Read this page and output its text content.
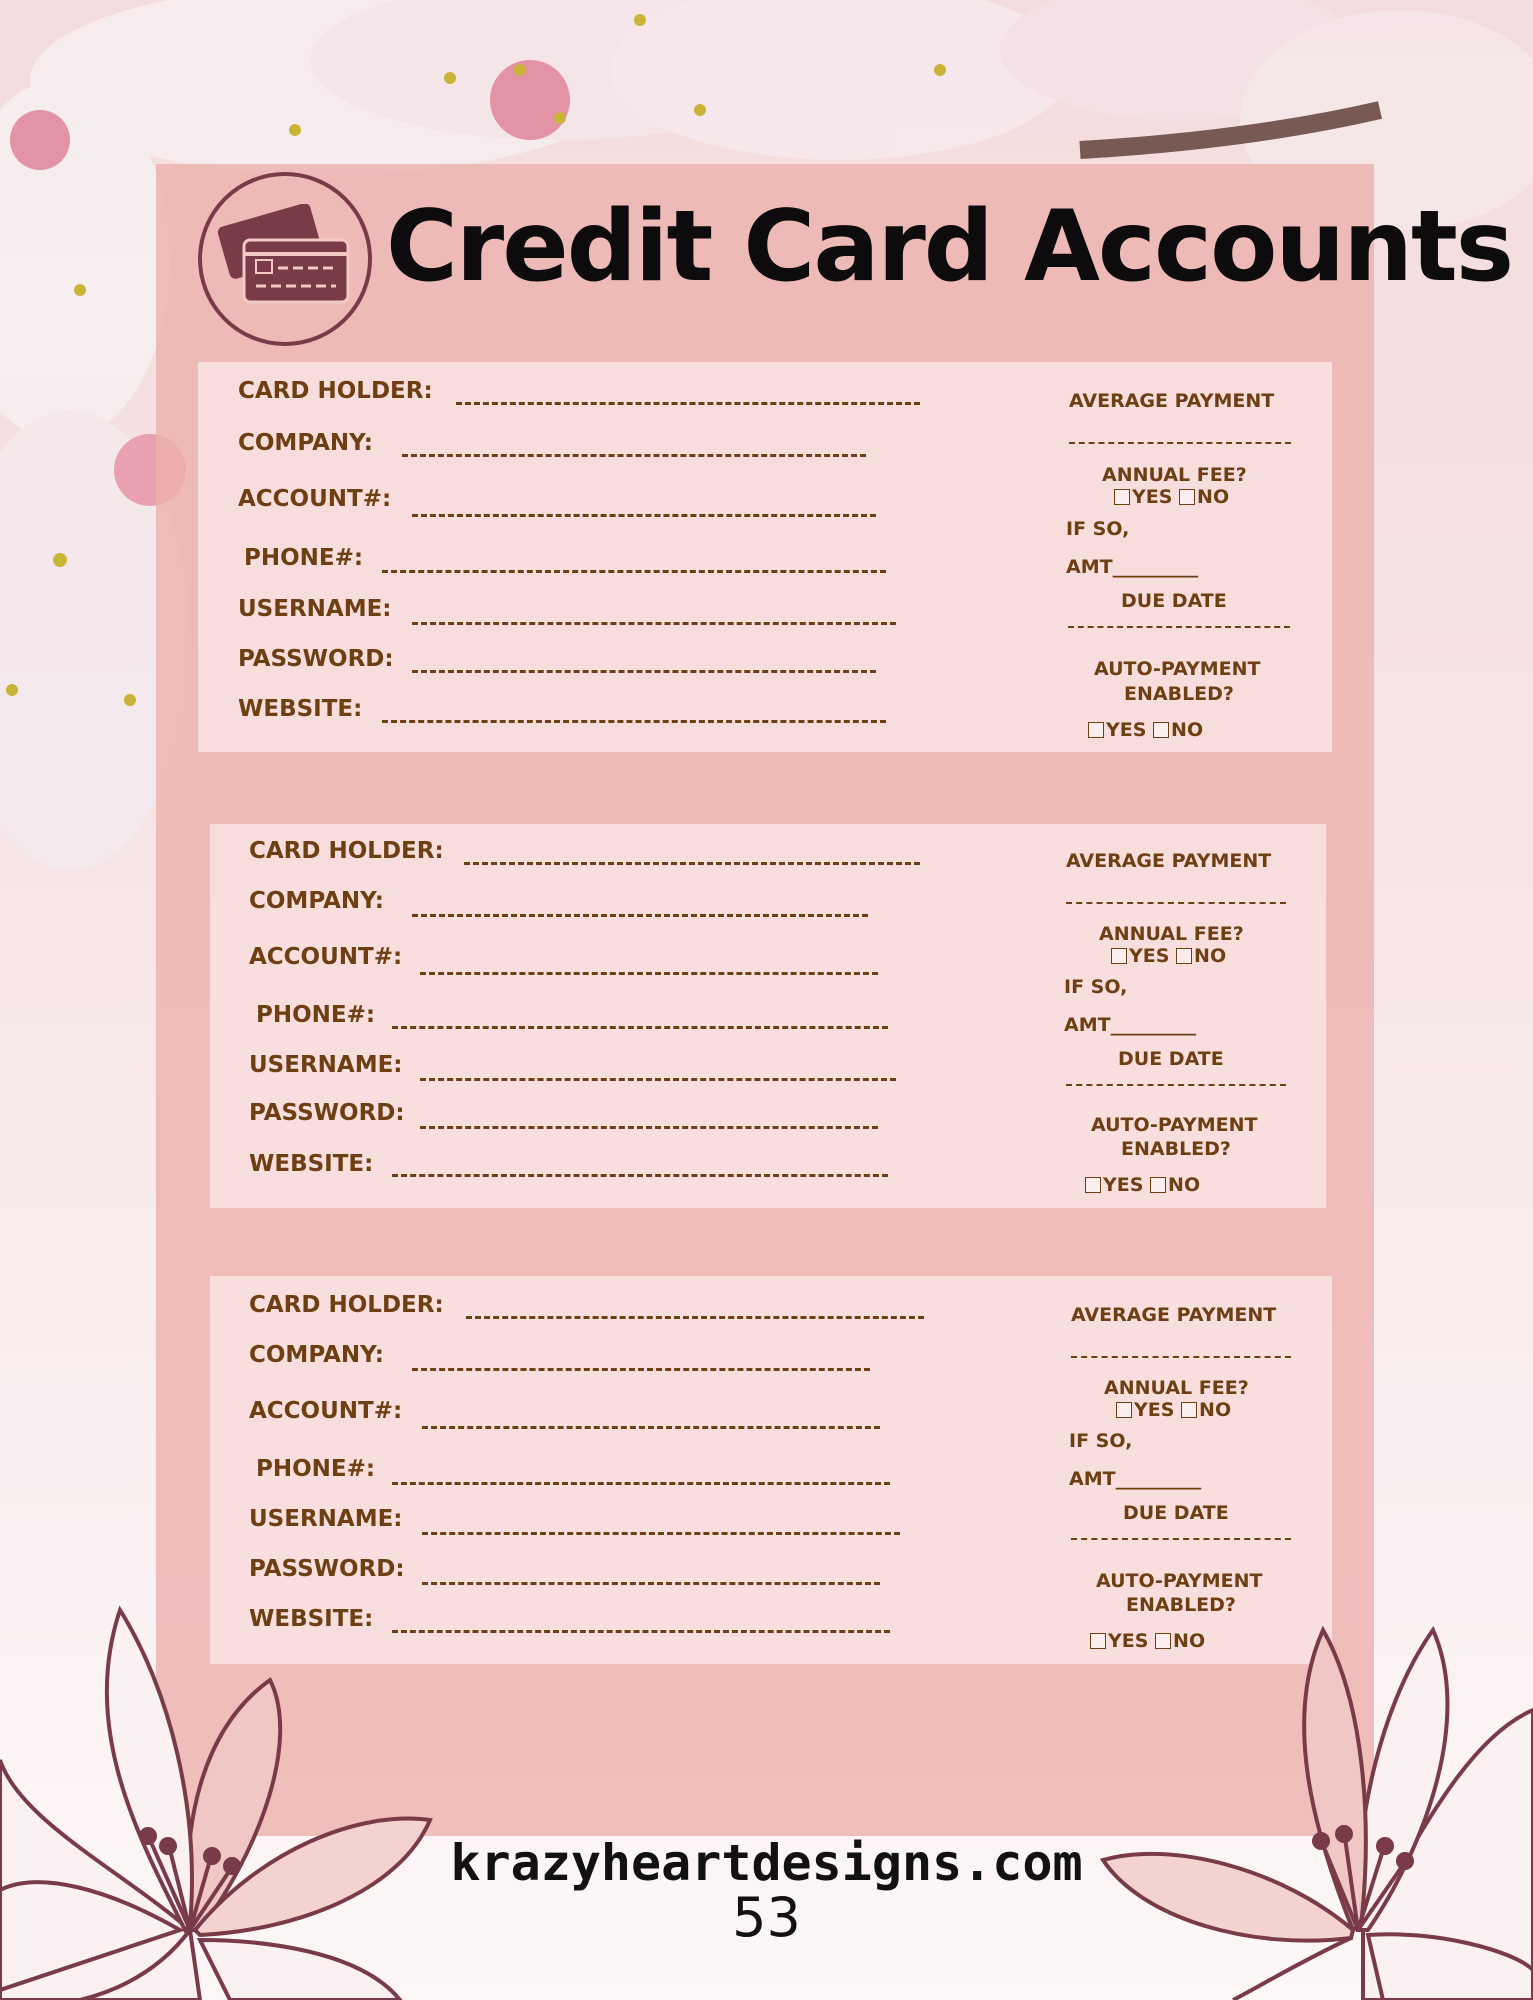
Credit Card Accounts
CARD HOLDER:
COMPANY:
ACCOUNT#:
PHONE#:
USERNAME:
PASSWORD:
WEBSITE:
AVERAGE PAYMENT
ANNUAL FEE?
YES NO
IF SO,
AMT_________
DUE DATE
AUTO-PAYMENT
ENABLED?
YES NO
CARD HOLDER:
COMPANY:
ACCOUNT#:
PHONE#:
USERNAME:
PASSWORD:
WEBSITE:
AVERAGE PAYMENT
ANNUAL FEE?
YES NO
IF SO,
AMT_________
DUE DATE
AUTO-PAYMENT
ENABLED?
YES NO
CARD HOLDER:
COMPANY:
ACCOUNT#:
PHONE#:
USERNAME:
PASSWORD:
WEBSITE:
AVERAGE PAYMENT
ANNUAL FEE?
YES NO
IF SO,
AMT_________
DUE DATE
AUTO-PAYMENT
ENABLED?
YES NO
krazyheartdesigns.com
53
